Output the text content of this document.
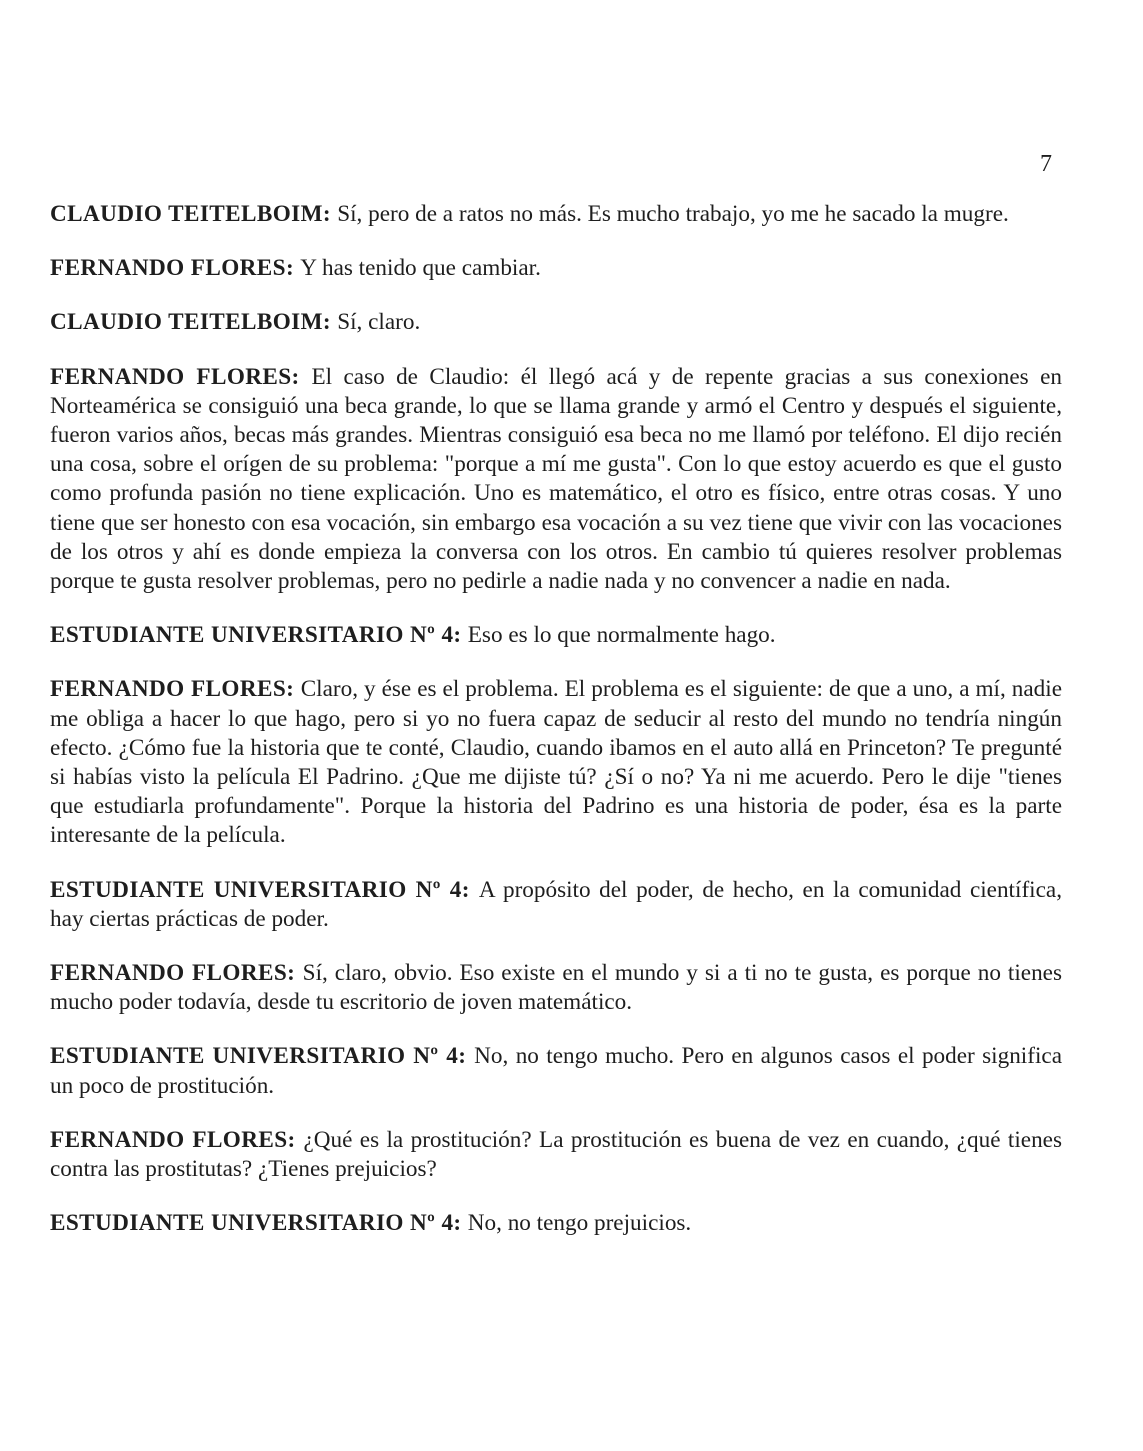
7

CLAUDIO TEITELBOIM: Sí, pero de a ratos no más. Es mucho trabajo, yo me he sacado la mugre.

FERNANDO FLORES: Y has tenido que cambiar.

CLAUDIO TEITELBOIM: Sí, claro.

FERNANDO FLORES: El caso de Claudio: él llegó acá y de repente gracias a sus conexiones en Norteamérica se consiguió una beca grande, lo que se llama grande y armó el Centro y después el siguiente, fueron varios años, becas más grandes. Mientras consiguió esa beca no me llamó por teléfono. El dijo recién una cosa, sobre el orígen de su problema: "porque a mí me gusta". Con lo que estoy acuerdo es que el gusto como profunda pasión no tiene explicación. Uno es matemático, el otro es físico, entre otras cosas. Y uno tiene que ser honesto con esa vocación, sin embargo esa vocación a su vez tiene que vivir con las vocaciones de los otros y ahí es donde empieza la conversa con los otros. En cambio tú quieres resolver problemas porque te gusta resolver problemas, pero no pedirle a nadie nada y no convencer a nadie en nada.

ESTUDIANTE UNIVERSITARIO Nº 4: Eso es lo que normalmente hago.

FERNANDO FLORES: Claro, y ése es el problema. El problema es el siguiente: de que a uno, a mí, nadie me obliga a hacer lo que hago, pero si yo no fuera capaz de seducir al resto del mundo no tendría ningún efecto. ¿Cómo fue la historia que te conté, Claudio, cuando ibamos en el auto allá en Princeton? Te pregunté si habías visto la película El Padrino. ¿Que me dijiste tú? ¿Sí o no? Ya ni me acuerdo. Pero le dije "tienes que estudiarla profundamente". Porque la historia del Padrino es una historia de poder, ésa es la parte interesante de la película.

ESTUDIANTE UNIVERSITARIO Nº 4: A propósito del poder, de hecho, en la comunidad científica, hay ciertas prácticas de poder.

FERNANDO FLORES: Sí, claro, obvio. Eso existe en el mundo y si a ti no te gusta, es porque no tienes mucho poder todavía, desde tu escritorio de joven matemático.

ESTUDIANTE UNIVERSITARIO Nº 4: No, no tengo mucho. Pero en algunos casos el poder significa un poco de prostitución.

FERNANDO FLORES: ¿Qué es la prostitución? La prostitución es buena de vez en cuando, ¿qué tienes contra las prostitutas? ¿Tienes prejuicios?

ESTUDIANTE UNIVERSITARIO Nº 4: No, no tengo prejuicios.
